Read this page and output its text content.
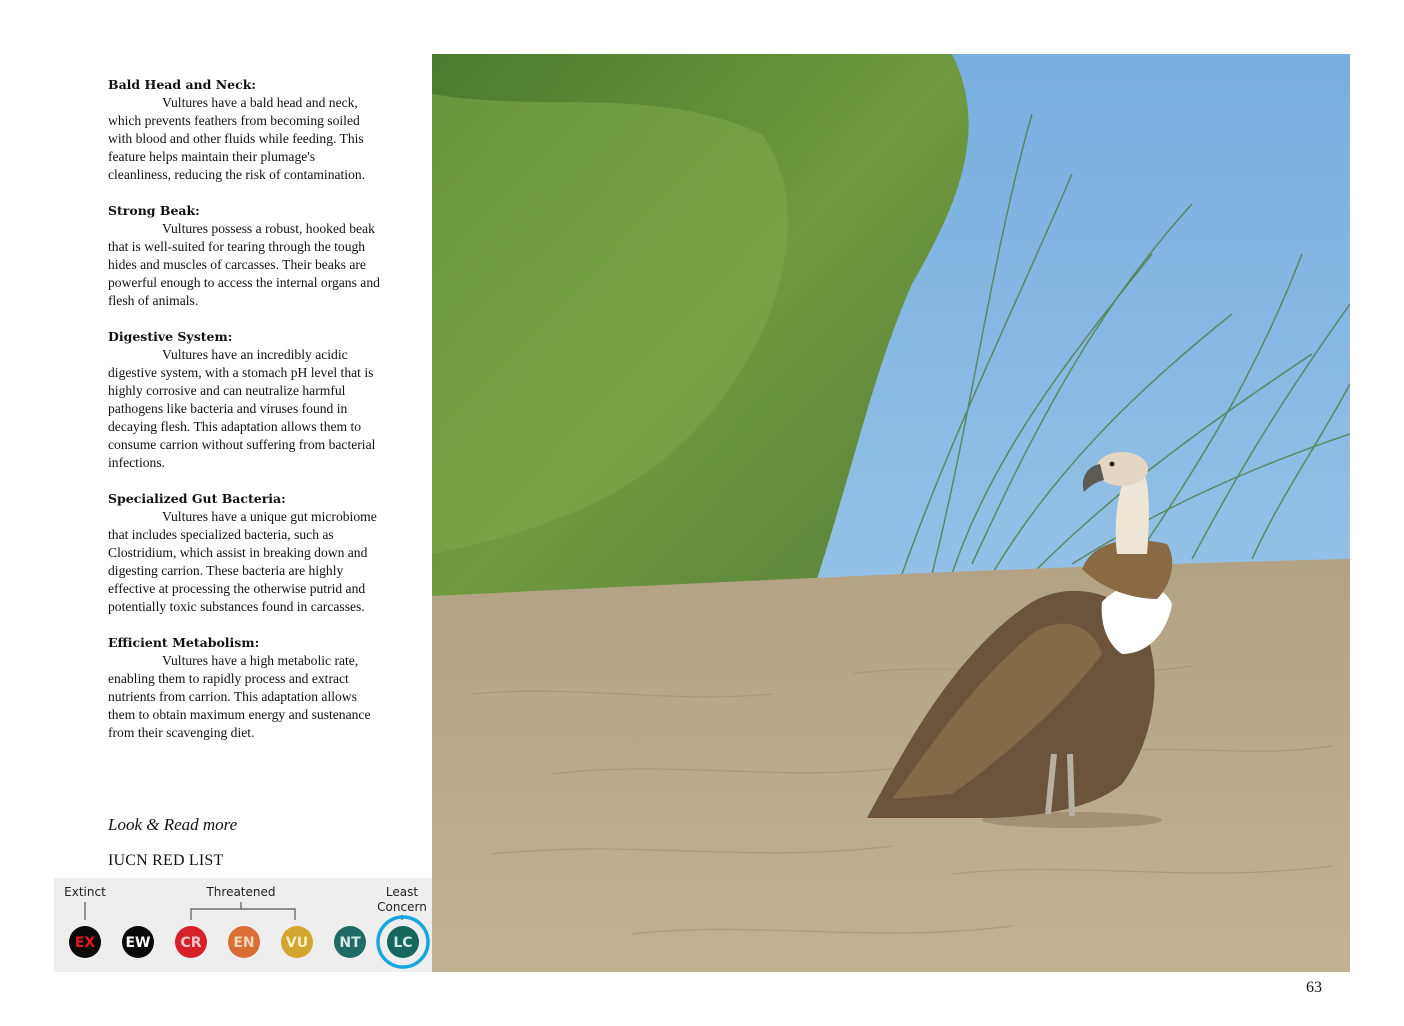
Bald Head and Neck:

Vultures have a bald head and neck, which prevents feathers from becoming soiled with blood and other fluids while feeding. This feature helps maintain their plumage's cleanliness, reducing the risk of contamination.

Strong Beak:

Vultures possess a robust, hooked beak that is well-suited for tearing through the tough hides and muscles of carcasses. Their beaks are powerful enough to access the internal organs and flesh of animals.

Digestive System:

Vultures have an incredibly acidic digestive system, with a stomach pH level that is highly corrosive and can neutralize harmful pathogens like bacteria and viruses found in decaying flesh. This adaptation allows them to consume carrion without suffering from bacterial infections.

Specialized Gut Bacteria:

Vultures have a unique gut microbiome that includes specialized bacteria, such as Clostridium, which assist in breaking down and digesting carrion. These bacteria are highly effective at processing the otherwise putrid and potentially toxic substances found in carcasses.

Efficient Metabolism:

Vultures have a high metabolic rate, enabling them to rapidly process and extract nutrients from carrion. This adaptation allows them to obtain maximum energy and sustenance from their scavenging diet.

Look & Read more
IUCN RED LIST
Extinct	Threatened	Least
Concern
EX EW CR EN VU NT LC
63
